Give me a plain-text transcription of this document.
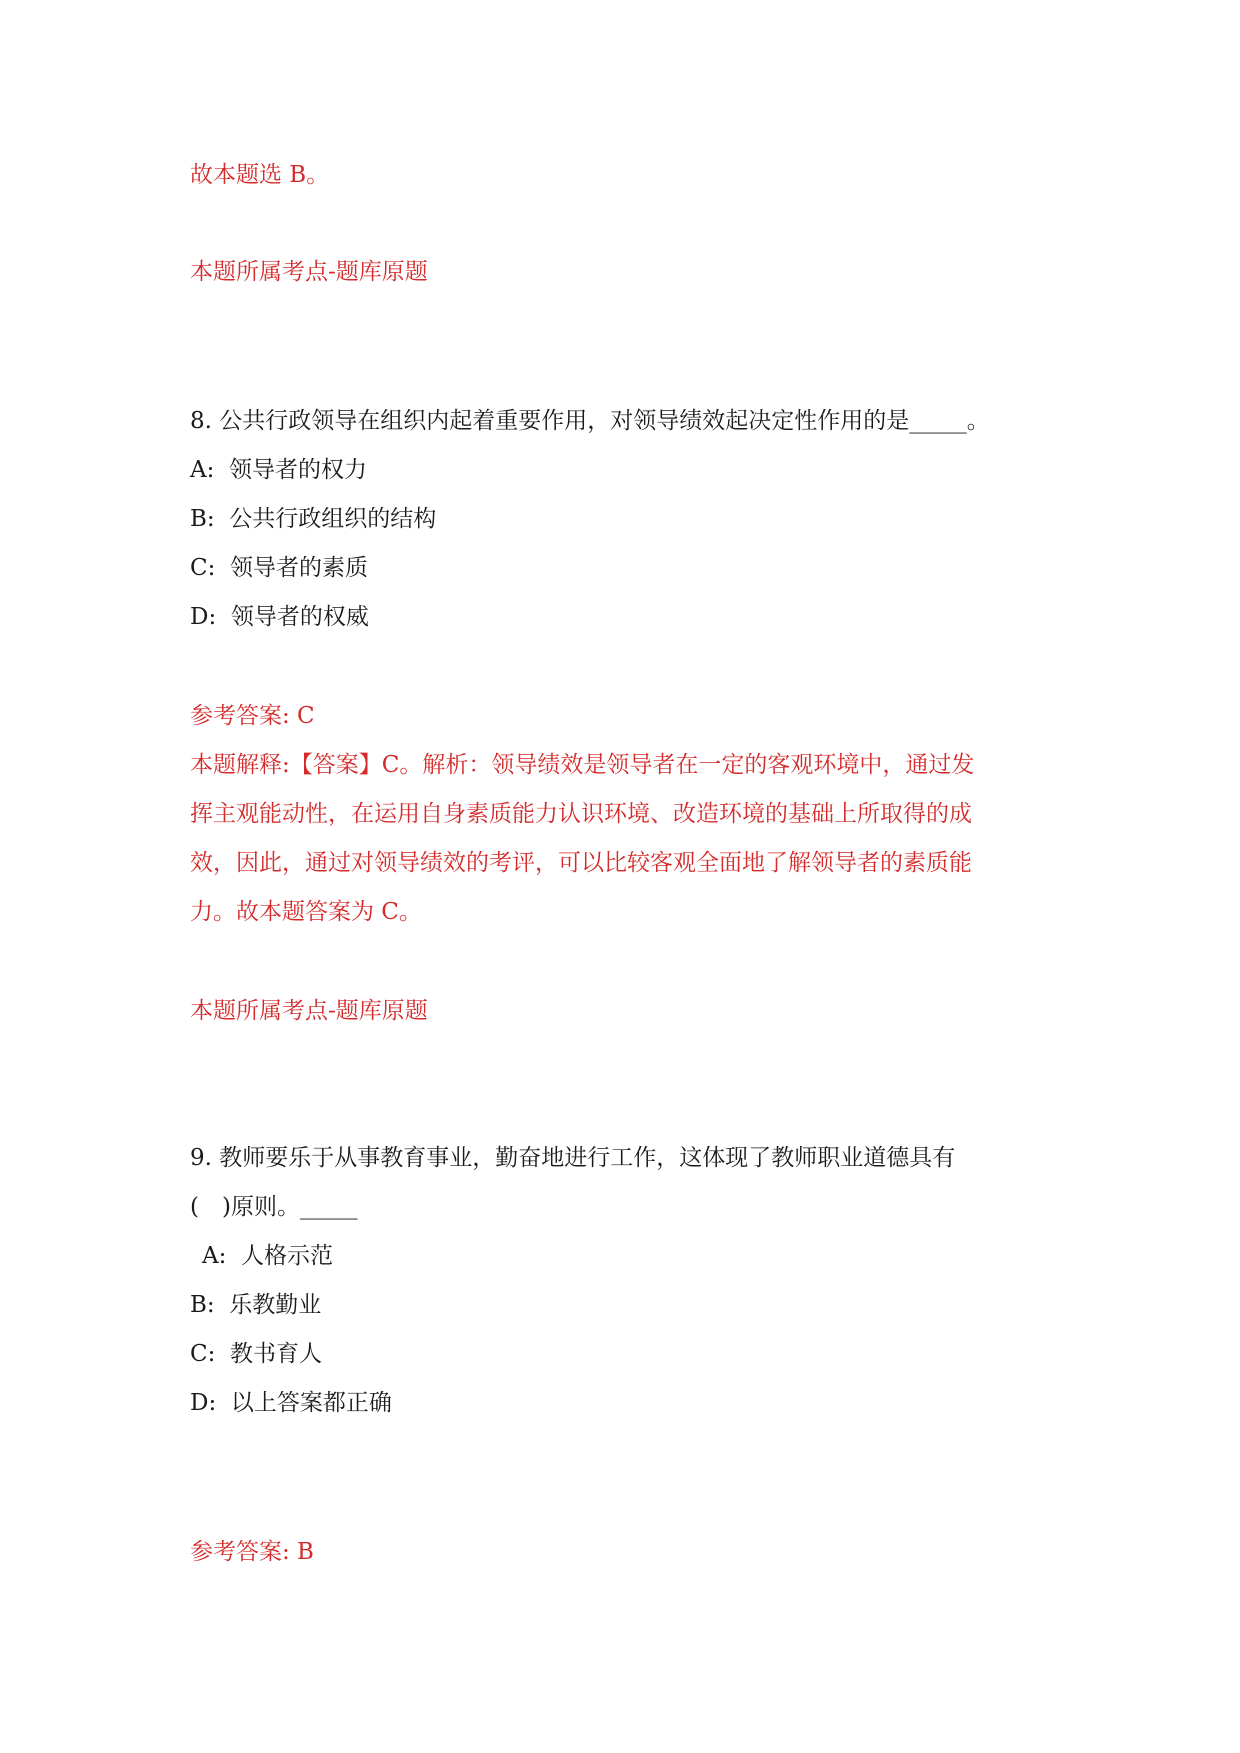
故本题选 B。
本题所属考点-题库原题
8. 公共行政领导在组织内起着重要作用，对领导绩效起决定性作用的是_____。
A: 领导者的权力
B: 公共行政组织的结构
C: 领导者的素质
D: 领导者的权威
参考答案: C
本题解释:【答案】C。解析：领导绩效是领导者在一定的客观环境中，通过发
挥主观能动性，在运用自身素质能力认识环境、改造环境的基础上所取得的成
效，因此，通过对领导绩效的考评，可以比较客观全面地了解领导者的素质能
力。故本题答案为 C。
本题所属考点-题库原题
9. 教师要乐于从事教育事业，勤奋地进行工作，这体现了教师职业道德具有
(　)原则。_____
A: 人格示范
B: 乐教勤业
C: 教书育人
D: 以上答案都正确
参考答案: B
